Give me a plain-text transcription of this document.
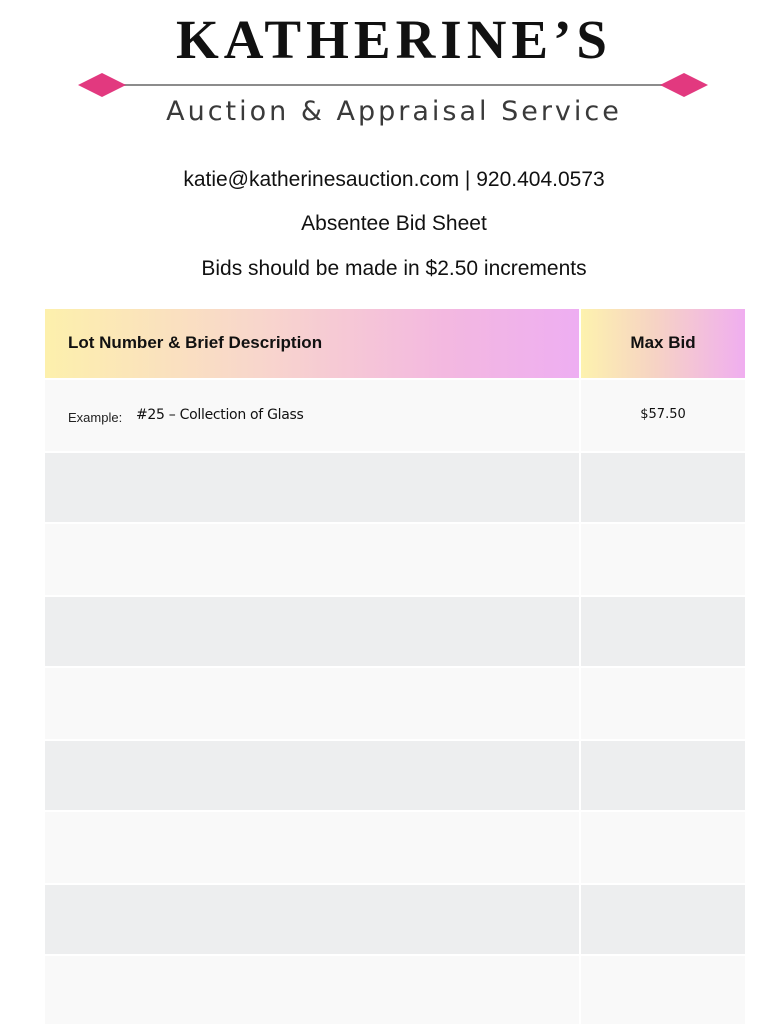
KATHERINE’S
Auction & Appraisal Service
katie@katherinesauction.com | 920.404.0573
Absentee Bid Sheet
Bids should be made in $2.50 increments
Lot Number & Brief Description	Max Bid
Example: #25 – Collection of Glass	$57.50
